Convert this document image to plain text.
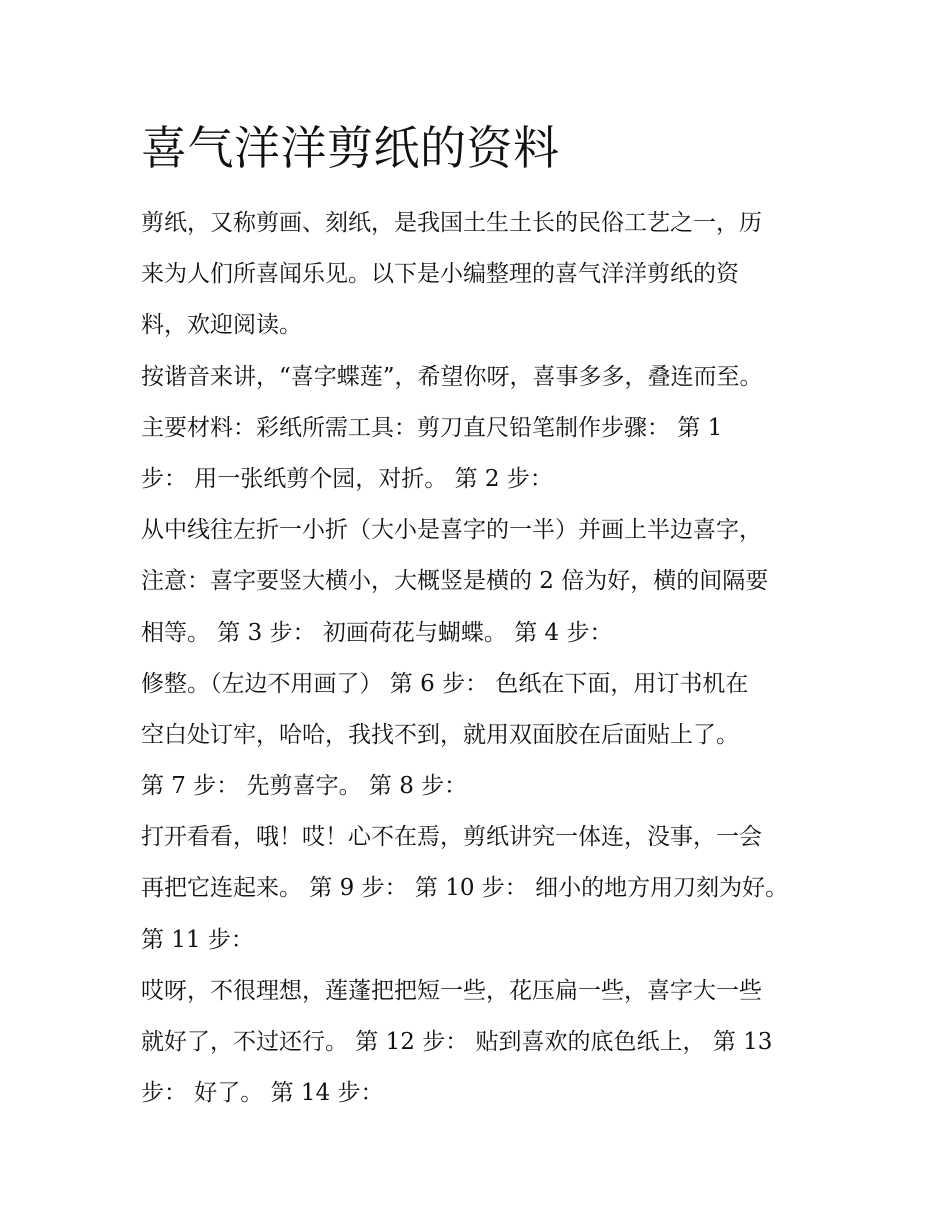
喜气洋洋剪纸的资料
剪纸，又称剪画、刻纸，是我国土生土长的民俗工艺之一，历
来为人们所喜闻乐见。以下是小编整理的喜气洋洋剪纸的资
料，欢迎阅读。
按谐音来讲，“喜字蝶莲”，希望你呀，喜事多多，叠连而至。
主要材料：彩纸所需工具：剪刀直尺铅笔制作步骤： 第 1
步： 用一张纸剪个园，对折。 第 2 步：
从中线往左折一小折（大小是喜字的一半）并画上半边喜字，
注意：喜字要竖大横小，大概竖是横的 2 倍为好，横的间隔要
相等。 第 3 步： 初画荷花与蝴蝶。 第 4 步：
修整。（左边不用画了） 第 6 步： 色纸在下面，用订书机在
空白处订牢，哈哈，我找不到，就用双面胶在后面贴上了。
第 7 步： 先剪喜字。 第 8 步：
打开看看，哦！哎！心不在焉，剪纸讲究一体连，没事，一会
再把它连起来。 第 9 步： 第 10 步： 细小的地方用刀刻为好。
第 11 步：
哎呀，不很理想，莲蓬把把短一些，花压扁一些，喜字大一些
就好了，不过还行。 第 12 步： 贴到喜欢的底色纸上， 第 13
步： 好了。 第 14 步：
